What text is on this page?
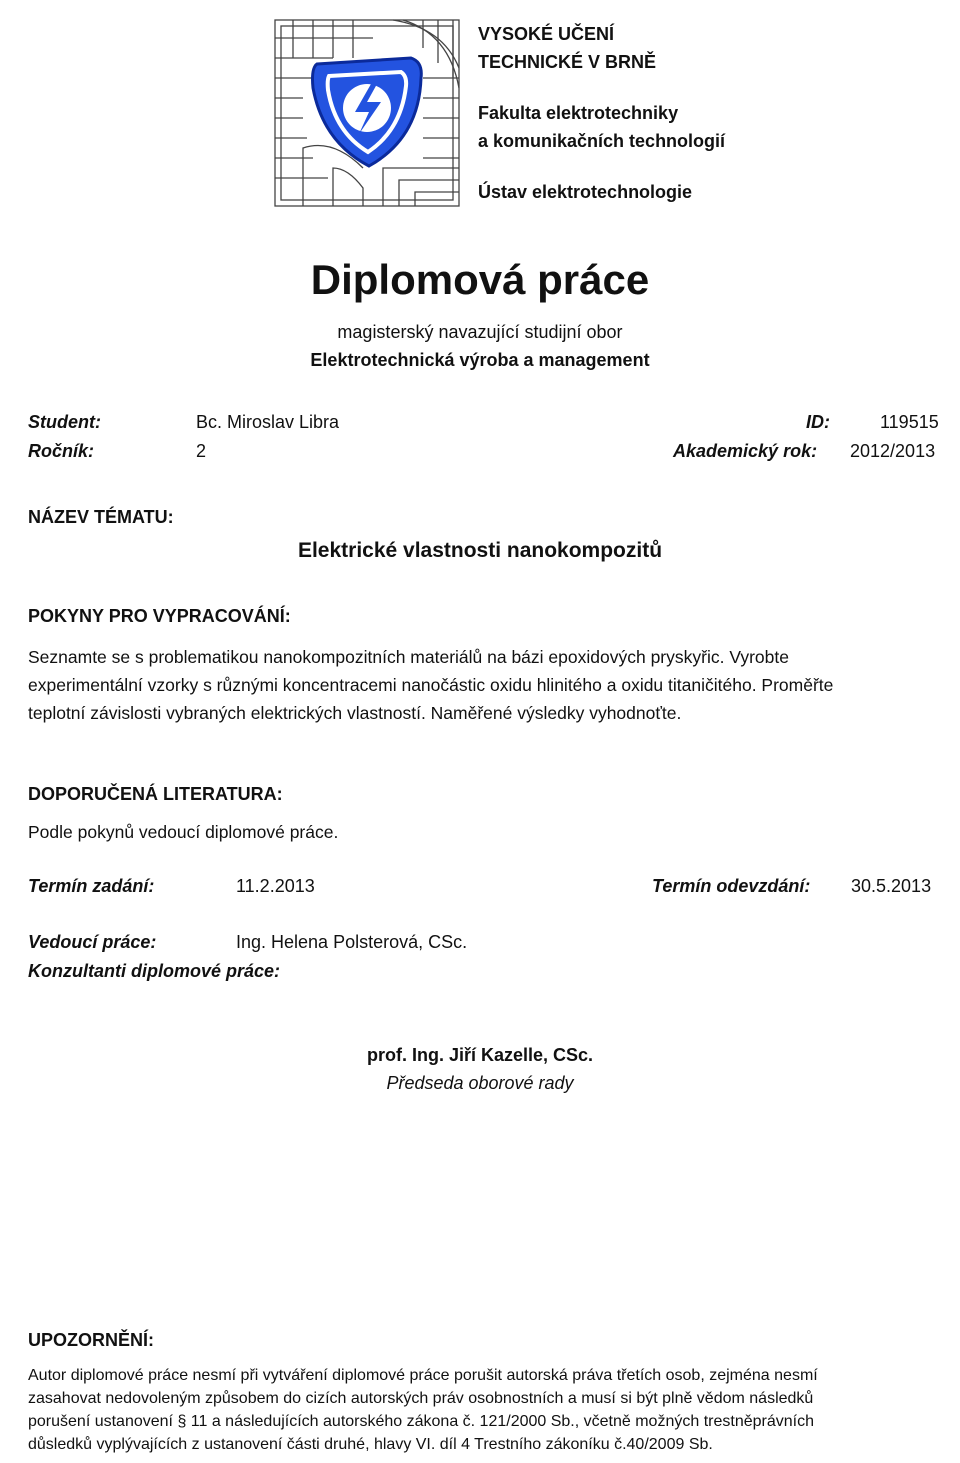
VYSOKÉ UČENÍ
TECHNICKÉ V BRNĚ
Fakulta elektrotechniky
a komunikačních technologií
Ústav elektrotechnologie
Diplomová práce
magisterský navazující studijní obor
Elektrotechnická výroba a management
Student:	Bc. Miroslav Libra	ID:	119515
Ročník:	2	Akademický rok: 2012/2013
NÁZEV TÉMATU:
Elektrické vlastnosti nanokompozitů
POKYNY PRO VYPRACOVÁNÍ:
Seznamte se s problematikou nanokompozitních materiálů na bázi epoxidových pryskyřic. Vyrobte
experimentální vzorky s různými koncentracemi nanočástic oxidu hlinitého a oxidu titaničitého. Proměřte
teplotní závislosti vybraných elektrických vlastností. Naměřené výsledky vyhodnoťte.
DOPORUČENÁ LITERATURA:
Podle pokynů vedoucí diplomové práce.
Termín zadání:	11.2.2013	Termín odevzdání: 30.5.2013
Vedoucí práce:	Ing. Helena Polsterová, CSc.
Konzultanti diplomové práce:
prof. Ing. Jiří Kazelle, CSc.
Předseda oborové rady
UPOZORNĚNÍ:
Autor diplomové práce nesmí při vytváření diplomové práce porušit autorská práva třetích osob, zejména nesmí
zasahovat nedovoleným způsobem do cizích autorských práv osobnostních a musí si být plně vědom následků
porušení ustanovení § 11 a následujících autorského zákona č. 121/2000 Sb., včetně možných trestněprávních
důsledků vyplývajících z ustanovení části druhé, hlavy VI. díl 4 Trestního zákoníku č.40/2009 Sb.
